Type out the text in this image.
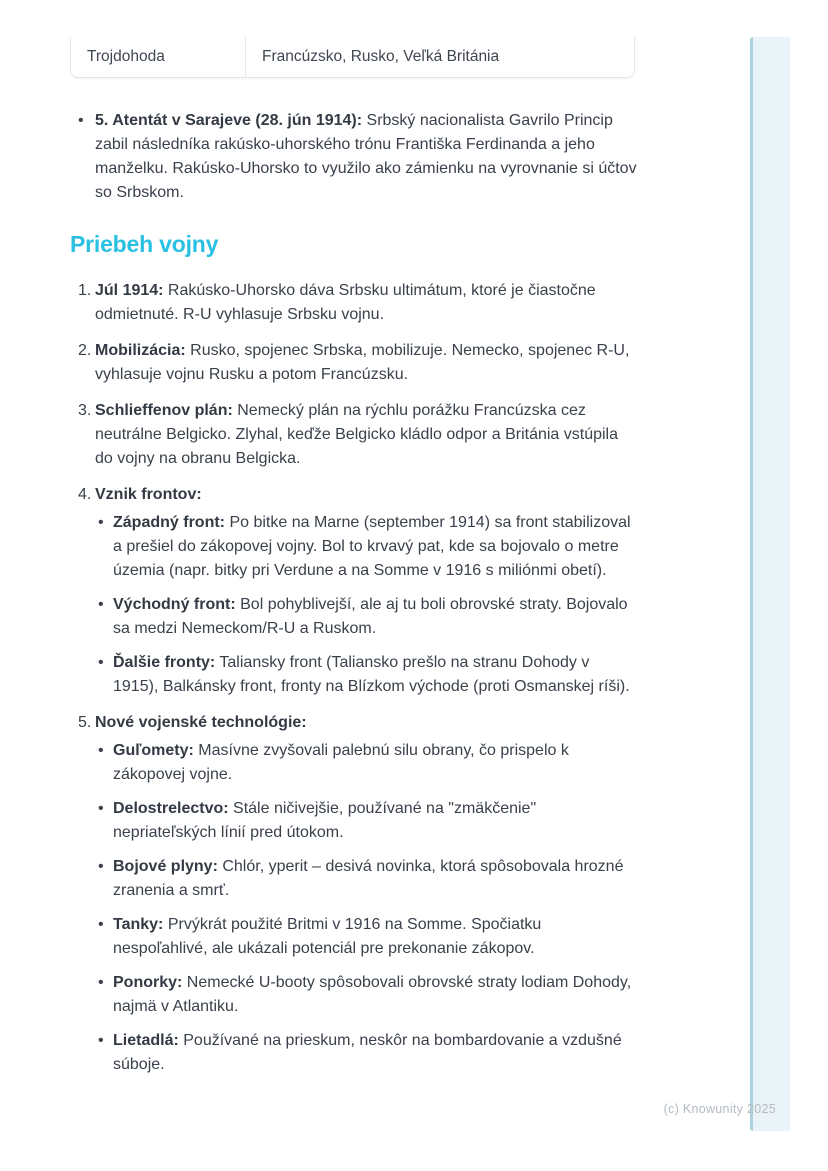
Trojdohoda	Francúzsko, Rusko, Veľká Británia
• 5. Atentát v Sarajeve (28. jún 1914): Srbský nacionalista Gavrilo Princip zabil následníka rakúsko-uhorského trónu Františka Ferdinanda a jeho manželku. Rakúsko-Uhorsko to využilo ako zámienku na vyrovnanie si účtov so Srbskom.
Priebeh vojny
1. Júl 1914: Rakúsko-Uhorsko dáva Srbsku ultimátum, ktoré je čiastočne odmietnuté. R-U vyhlasuje Srbsku vojnu.
2. Mobilizácia: Rusko, spojenec Srbska, mobilizuje. Nemecko, spojenec R-U, vyhlasuje vojnu Rusku a potom Francúzsku.
3. Schlieffenov plán: Nemecký plán na rýchlu porážku Francúzska cez neutrálne Belgicko. Zlyhal, keďže Belgicko kládlo odpor a Británia vstúpila do vojny na obranu Belgicka.
4. Vznik frontov:
• Západný front: Po bitke na Marne (september 1914) sa front stabilizoval a prešiel do zákopovej vojny. Bol to krvavý pat, kde sa bojovalo o metre územia (napr. bitky pri Verdune a na Somme v 1916 s miliónmi obetí).
• Východný front: Bol pohyblivejší, ale aj tu boli obrovské straty. Bojovalo sa medzi Nemeckom/R-U a Ruskom.
• Ďalšie fronty: Taliansky front (Taliansko prešlo na stranu Dohody v 1915), Balkánsky front, fronty na Blízkom východe (proti Osmanskej ríši).
5. Nové vojenské technológie:
• Guľomety: Masívne zvyšovali palebnú silu obrany, čo prispelo k zákopovej vojne.
• Delostrelectvo: Stále ničivejšie, používané na "zmäkčenie" nepriateľských línií pred útokom.
• Bojové plyny: Chlór, yperit – desivá novinka, ktorá spôsobovala hrozné zranenia a smrť.
• Tanky: Prvýkrát použité Britmi v 1916 na Somme. Spočiatku nespoľahlivé, ale ukázali potenciál pre prekonanie zákopov.
• Ponorky: Nemecké U-booty spôsobovali obrovské straty lodiam Dohody, najmä v Atlantiku.
• Lietadlá: Používané na prieskum, neskôr na bombardovanie a vzdušné súboje.
(c) Knowunity 2025
